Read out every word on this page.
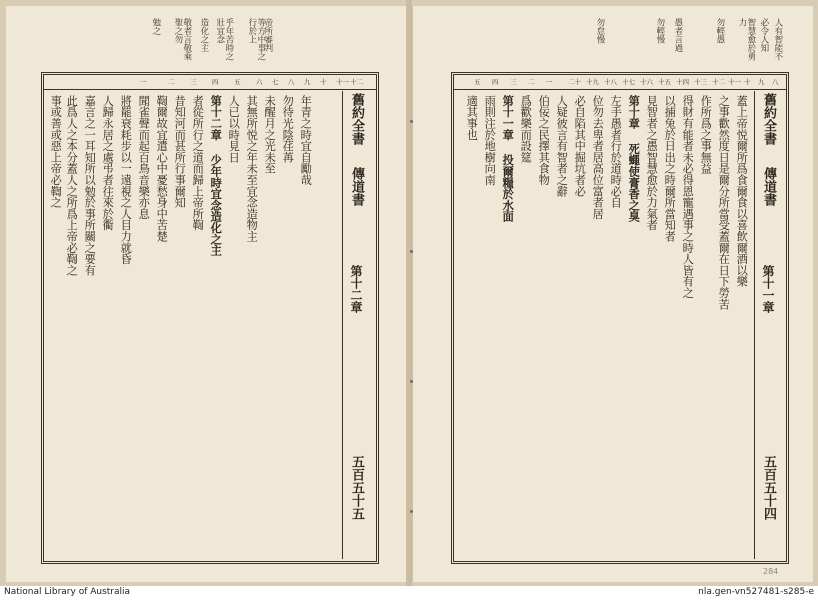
勉之	敬者言敬乘聖之勿	造化之主	乎年苦時之壯宜念	等方中事之行於上 帝所審判
十二
十一
十
九
八
七
六
五
四
三
二
一
舊約全書
傳道書
第十二章
五百五十五
事或善或惡上帝必鞫之 此爲人之本分蓋人之所爲上帝必鞫之 嘉言之一耳知所以勉於事所關之要有 人歸永居之處弔者往來於衢 將罷衰耗步以一遠視之人目力就昏 聞雀聲而起百鳥音樂亦息 鞫爾故宜遣心中憂愁身中苦楚 昔知河而甚所行事爾知 者從所行之道而歸上帝所鞫 第十二章 少年時宜念造化之主 人已以時見日 其無所悦之年未至宜念造物主 未醒月之光未至 勿待光陰荏苒 年青之時宜自勵哉
人有智能不
必令人知
智慧愈於勇力
勿輕愚
愚者言過
勿輕慢
勿怠慢
八
九
十
十一
十二
十三
十四
十五
十六
十七
十八
十九
二十
一
二
三
四
五
舊約全書
傳道書
第十一章
五百五十四
蓋上帝悦爾所爲食爾食以喜飲爾酒以樂
之事歡然度日是爾分所當受蓋爾在日下勞苦
作所爲之事無益
得財有能者未必得恩寵遇事之時人皆有之
以捕兔於日出之時爾所當知者
見智者之愚智慧愈於力氣者
第十章 死蠅使膏香之臭
左手愚者行於道時必自
位勿去卑者居高位富者居
必自陷其中掘坑者必
人疑彼言有智者之辭
伯佞之民擇其食物
爲歡樂而設筵
第十一章 投爾糧於水面
雨則注於地樹向南
適其事也
284
National Library of Australia	nla.gen-vn527481-s285-e
